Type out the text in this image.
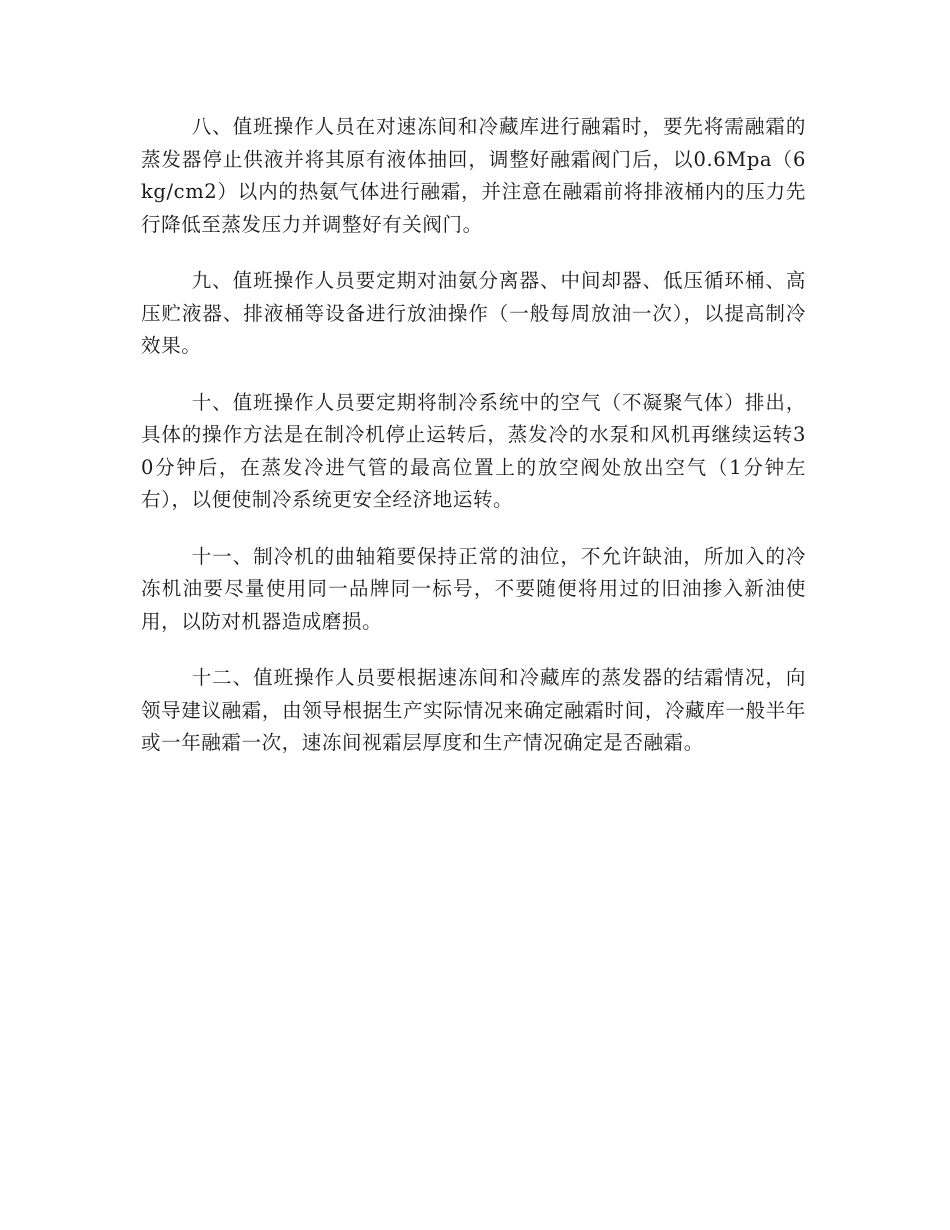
八、值班操作人员在对速冻间和冷藏库进行融霜时，要先将需融霜的蒸发器停止供液并将其原有液体抽回，调整好融霜阀门后，以0.6Mpa（6kg/cm2）以内的热氨气体进行融霜，并注意在融霜前将排液桶内的压力先行降低至蒸发压力并调整好有关阀门。

九、值班操作人员要定期对油氨分离器、中间却器、低压循环桶、高压贮液器、排液桶等设备进行放油操作（一般每周放油一次），以提高制冷效果。

十、值班操作人员要定期将制冷系统中的空气（不凝聚气体）排出，具体的操作方法是在制冷机停止运转后，蒸发冷的水泵和风机再继续运转30分钟后，在蒸发冷进气管的最高位置上的放空阀处放出空气（1分钟左右），以便使制冷系统更安全经济地运转。

十一、制冷机的曲轴箱要保持正常的油位，不允许缺油，所加入的冷冻机油要尽量使用同一品牌同一标号，不要随便将用过的旧油掺入新油使用，以防对机器造成磨损。

十二、值班操作人员要根据速冻间和冷藏库的蒸发器的结霜情况，向领导建议融霜，由领导根据生产实际情况来确定融霜时间，冷藏库一般半年或一年融霜一次，速冻间视霜层厚度和生产情况确定是否融霜。
